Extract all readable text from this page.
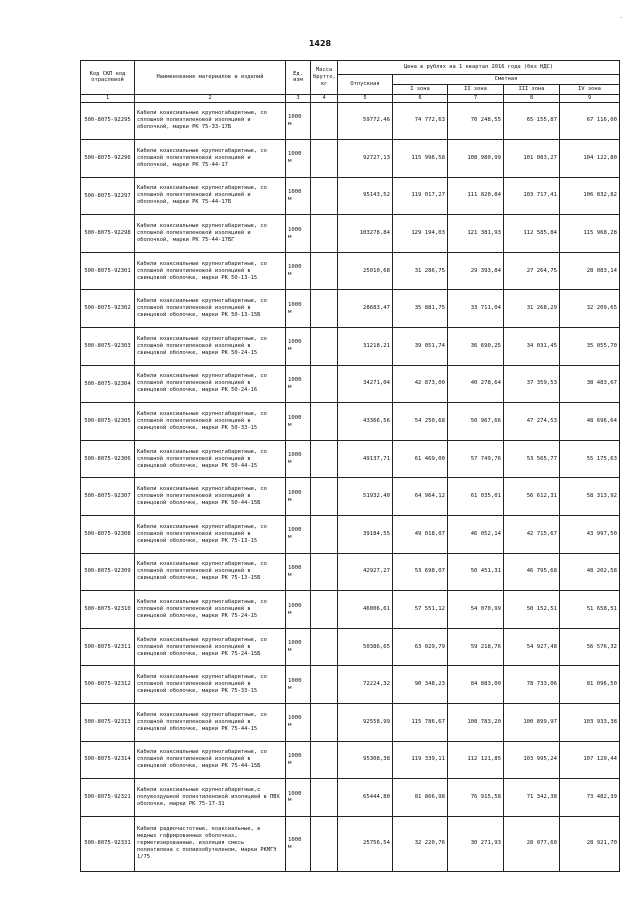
·
1428
Код СКП код отраслевой	Наименование материалов и изделий	Ед. изм	Масса брутто, кг	Цена в рублях на 1 квартал 2016 года (без НДС)				
				Отпускная	Сметная			
					I зона	II зона	III зона	IV зона
1	2	3	4	5	6	7	8	9
500-8075-92295	Кабели коаксиальные крупногабаритные, со сплошной полиэтиленовой изоляцией и оболочкой, марки РК 75-33-17Б	1000 м		59772,46	74 772,63	70 248,55	65 155,87	67 116,00
500-8075-92296	Кабели коаксиальные крупногабаритные, со сплошной полиэтиленовой изоляцией и оболочкой, марки РК 75-44-17	1000 м		92727,13	115 996,58	108 980,99	101 083,27	104 122,80
500-8075-92297	Кабели коаксиальные крупногабаритные, со сплошной полиэтиленовой изоляцией и оболочкой, марки РК 75-44-17Б	1000 м		95143,52	119 017,27	111 820,84	103 717,41	106 832,82
500-8075-92298	Кабели коаксиальные крупногабаритные, со сплошной полиэтиленовой изоляцией и оболочкой, марки РК 75-44-17БГ	1000 м		103278,84	129 194,03	121 381,93	112 585,84	115 968,28
500-8075-92301	Кабели коаксиальные крупногабаритные, со сплошной полиэтиленовой изоляцией в свинцовой оболочке, марки РК 50-13-15	1000 м		25010,68	31 286,75	29 393,84	27 264,75	28 083,14
500-8075-92302	Кабели коаксиальные крупногабаритные, со сплошной полиэтиленовой изоляцией в свинцовой оболочке, марки РК 50-13-15Б	1000 м		28683,47	35 881,75	33 711,04	31 268,29	32 209,65
500-8075-92303	Кабели коаксиальные крупногабаритные, со сплошной полиэтиленовой изоляцией в свинцовой оболочке, марки РК 50-24-15	1000 м		31218,21	39 051,74	36 690,25	34 031,45	35 055,70
500-8075-92304	Кабели коаксиальные крупногабаритные, со сплошной полиэтиленовой изоляцией в свинцовой оболочке, марки РК 50-24-16	1000 м		34271,04	42 873,00	40 278,64	37 359,53	38 483,67
500-8075-92305	Кабели коаксиальные крупногабаритные, со сплошной полиэтиленовой изоляцией в свинцовой оболочке, марки РК 50-33-15	1000 м		43366,56	54 250,68	50 967,66	47 274,53	48 696,64
500-8075-92306	Кабели коаксиальные крупногабаритные, со сплошной полиэтиленовой изоляцией в свинцовой оболочке, марки РК 50-44-15	1000 м		49137,71	61 469,00	57 749,76	53 565,77	55 175,63
500-8075-92307	Кабели коаксиальные крупногабаритные, со сплошной полиэтиленовой изоляцией в свинцовой оболочке, марки РК 50-44-15Б	1000 м		51932,40	64 964,12	61 035,01	56 612,31	58 313,92
500-8075-92308	Кабели коаксиальные крупногабаритные, со сплошной полиэтиленовой изоляцией в свинцовой оболочке, марки РК 75-13-15	1000 м		39184,55	49 018,07	46 052,14	42 715,67	43 997,50
500-8075-92309	Кабели коаксиальные крупногабаритные, со сплошной полиэтиленовой изоляцией в свинцовой оболочке, марки РК 75-13-15Б	1000 м		42927,27	53 698,07	50 451,31	46 795,68	48 202,58
500-8075-92310	Кабели коаксиальные крупногабаритные, со сплошной полиэтиленовой изоляцией в свинцовой оболочке, марки РК 75-24-15	1000 м		46006,61	57 551,12	54 070,99	50 152,51	51 658,51
500-8075-92311	Кабели коаксиальные крупногабаритные, со сплошной полиэтиленовой изоляцией в свинцовой оболочке, марки РК 75-24-15Б	1000 м		50386,65	63 029,79	59 218,76	54 927,48	56 576,32
500-8075-92312	Кабели коаксиальные крупногабаритные, со сплошной полиэтиленовой изоляцией в свинцовой оболочке, марки РК 75-33-15	1000 м		72224,32	90 348,23	84 883,00	78 733,06	81 096,50
500-8075-92313	Кабели коаксиальные крупногабаритные, со сплошной полиэтиленовой изоляцией в свинцовой оболочке, марки РК 75-44-15	1000 м		92558,99	115 786,67	108 783,20	100 899,97	103 933,38
500-8075-92314	Кабели коаксиальные крупногабаритные, со сплошной полиэтиленовой изоляцией в свинцовой оболочке, марки РК 75-44-15Б	1000 м		95308,38	119 339,11	112 121,85	103 995,24	107 120,44
500-8075-92321	Кабели коаксиальные крупногабаритные,с полувоздушной полиэтиленовой изоляцией в ПВХ оболочке, марки РК 75-17-31	1000 м		65444,80	81 866,98	76 915,58	71 342,38	73 482,39
500-8075-92331	Кабели радиочастотные, коаксиальные, в медных гофрированных оболочках, герметизированные, изоляция смесь полиэтилена с полиизобутеленом, марки РКМГЭ 1/75	1000 м		25756,54	32 220,76	30 271,93	28 077,60	28 921,70
